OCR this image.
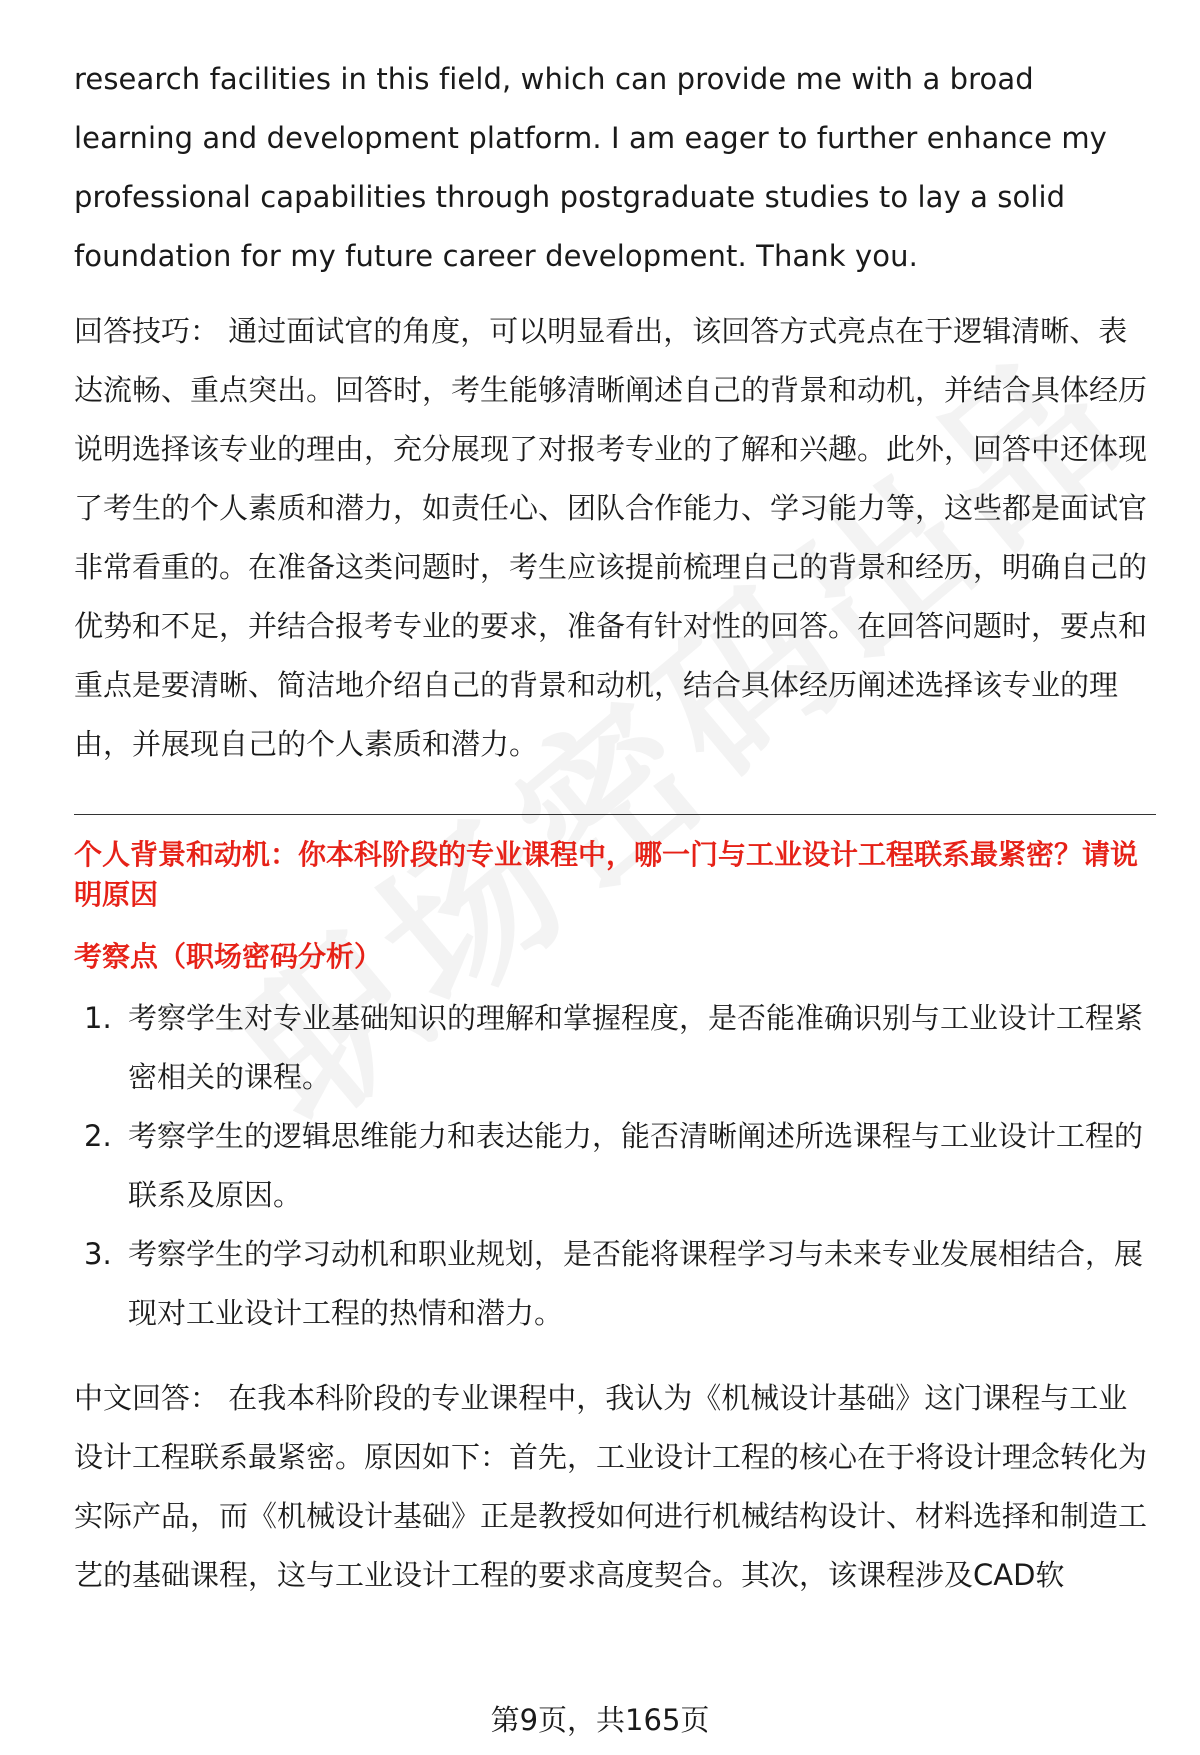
research facilities in this field, which can provide me with a broad learning and development platform. I am eager to further enhance my professional capabilities through postgraduate studies to lay a solid foundation for my future career development. Thank you.

回答技巧： 通过面试官的角度，可以明显看出，该回答方式亮点在于逻辑清晰、表达流畅、重点突出。回答时，考生能够清晰阐述自己的背景和动机，并结合具体经历说明选择该专业的理由，充分展现了对报考专业的了解和兴趣。此外，回答中还体现了考生的个人素质和潜力，如责任心、团队合作能力、学习能力等，这些都是面试官非常看重的。在准备这类问题时，考生应该提前梳理自己的背景和经历，明确自己的优势和不足，并结合报考专业的要求，准备有针对性的回答。在回答问题时，要点和重点是要清晰、简洁地介绍自己的背景和动机，结合具体经历阐述选择该专业的理由，并展现自己的个人素质和潜力。

个人背景和动机：你本科阶段的专业课程中，哪一门与工业设计工程联系最紧密？请说明原因
考察点（职场密码分析）
1. 考察学生对专业基础知识的理解和掌握程度，是否能准确识别与工业设计工程紧密相关的课程。
2. 考察学生的逻辑思维能力和表达能力，能否清晰阐述所选课程与工业设计工程的联系及原因。
3. 考察学生的学习动机和职业规划，是否能将课程学习与未来专业发展相结合，展现对工业设计工程的热情和潜力。

中文回答： 在我本科阶段的专业课程中，我认为《机械设计基础》这门课程与工业设计工程联系最紧密。原因如下：首先，工业设计工程的核心在于将设计理念转化为实际产品，而《机械设计基础》正是教授如何进行机械结构设计、材料选择和制造工艺的基础课程，这与工业设计工程的要求高度契合。其次，该课程涉及CAD软

第9页，共165页
